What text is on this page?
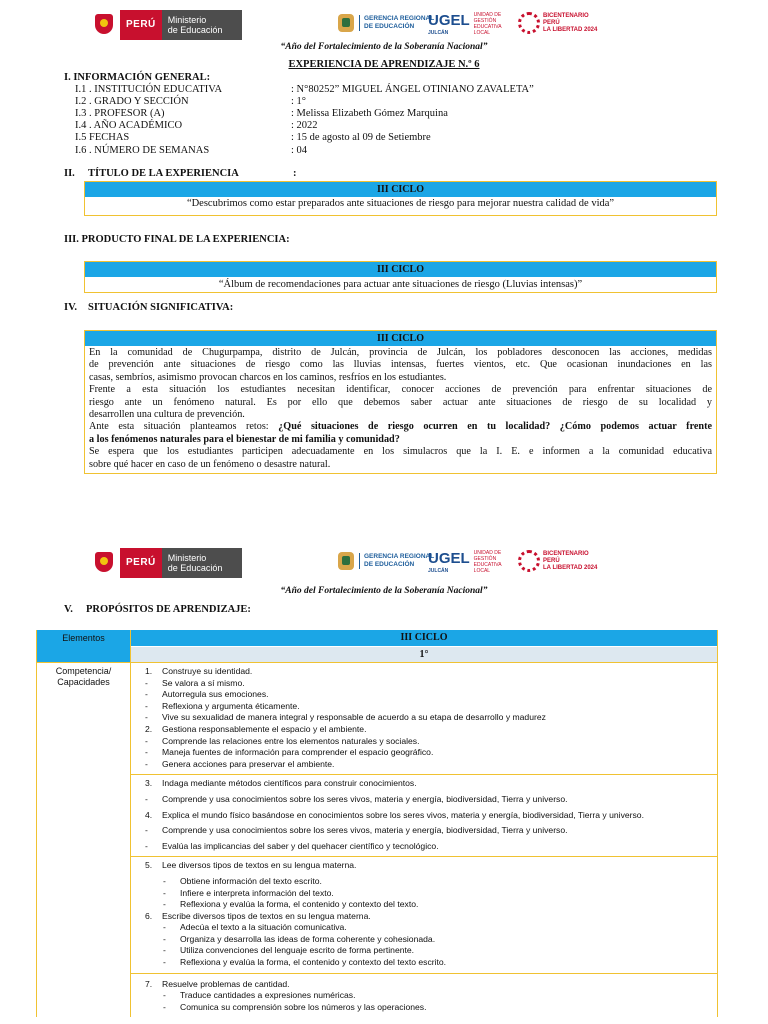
PERÚ	Ministerio
de Educación
GERENCIA REGIONAL
DE EDUCACIÓN UGEL
JULCÁN
UNIDAD DE GESTIÓN EDUCATIVA LOCAL
BICENTENARIO
PERÚ
LA LIBERTAD 2024
“Año del Fortalecimiento de la Soberanía Nacional”
EXPERIENCIA DE APRENDIZAJE N.º 6
I. INFORMACIÓN GENERAL:
I.1 . INSTITUCIÓN EDUCATIVA	: N°80252” MIGUEL ÁNGEL OTINIANO ZAVALETA”
I.2 . GRADO Y SECCIÓN	: 1°
I.3 . PROFESOR (A)	: Melissa Elizabeth Gómez Marquina
I.4 . AÑO ACADÉMICO	: 2022
I.5 FECHAS	: 15 de agosto al 09 de Setiembre
I.6 . NÚMERO DE SEMANAS	: 04
II. TÍTULO DE LA EXPERIENCIA	:
III CICLO
“Descubrimos como estar preparados ante situaciones de riesgo para mejorar nuestra calidad de vida”
III. PRODUCTO FINAL DE LA EXPERIENCIA:
III CICLO
“Álbum de recomendaciones para actuar ante situaciones de riesgo (Lluvias intensas)”
IV. SITUACIÓN SIGNIFICATIVA:
III CICLO

En la comunidad de Chugurpampa, distrito de Julcán, provincia de Julcán, los pobladores desconocen las acciones, medidas

de prevención ante situaciones de riesgo como las lluvias intensas, fuertes vientos, etc. Que ocasionan inundaciones en las

casas, sembríos, asimismo provocan charcos en los caminos, resfríos en los estudiantes.

Frente a esta situación los estudiantes necesitan identificar, conocer acciones de prevención para enfrentar situaciones de

riesgo ante un fenómeno natural. Es por ello que debemos saber actuar ante situaciones de riesgo de su localidad y

desarrollen una cultura de prevención.

Ante esta situación planteamos retos: ¿Qué situaciones de riesgo ocurren en tu localidad? ¿Cómo podemos actuar frente

a los fenómenos naturales para el bienestar de mi familia y comunidad?

Se espera que los estudiantes participen adecuadamente en los simulacros que la I. E. e informen a la comunidad educativa

sobre qué hacer en caso de un fenómeno o desastre natural.

PERÚ	Ministerio
de Educación
GERENCIA REGIONAL
DE EDUCACIÓN UGEL
JULCÁN
UNIDAD DE GESTIÓN EDUCATIVA LOCAL
BICENTENARIO
PERÚ
LA LIBERTAD 2024
“Año del Fortalecimiento de la Soberanía Nacional”
V. PROPÓSITOS DE APRENDIZAJE:
Elementos	III CICLO
1°
Competencia/
Capacidades
1. Construye su identidad.
- Se valora a sí mismo.
- Autorregula sus emociones.
- Reflexiona y argumenta éticamente.
- Vive su sexualidad de manera integral y responsable de acuerdo a su etapa de desarrollo y madurez
2. Gestiona responsablemente el espacio y el ambiente.
- Comprende las relaciones entre los elementos naturales y sociales.
- Maneja fuentes de información para comprender el espacio geográfico.
- Genera acciones para preservar el ambiente.
3. Indaga mediante métodos científicos para construir conocimientos.
- Comprende y usa conocimientos sobre los seres vivos, materia y energía, biodiversidad, Tierra y universo.
4. Explica el mundo físico basándose en conocimientos sobre los seres vivos, materia y energía, biodiversidad, Tierra y universo.
- Comprende y usa conocimientos sobre los seres vivos, materia y energía, biodiversidad, Tierra y universo.
- Evalúa las implicancias del saber y del quehacer científico y tecnológico.
5. Lee diversos tipos de textos en su lengua materna.
- Obtiene información del texto escrito.
- Infiere e interpreta información del texto.
- Reflexiona y evalúa la forma, el contenido y contexto del texto.
6. Escribe diversos tipos de textos en su lengua materna.
- Adecúa el texto a la situación comunicativa.
- Organiza y desarrolla las ideas de forma coherente y cohesionada.
- Utiliza convenciones del lenguaje escrito de forma pertinente.
- Reflexiona y evalúa la forma, el contenido y contexto del texto escrito.
7. Resuelve problemas de cantidad.
- Traduce cantidades a expresiones numéricas.
- Comunica su comprensión sobre los números y las operaciones.
